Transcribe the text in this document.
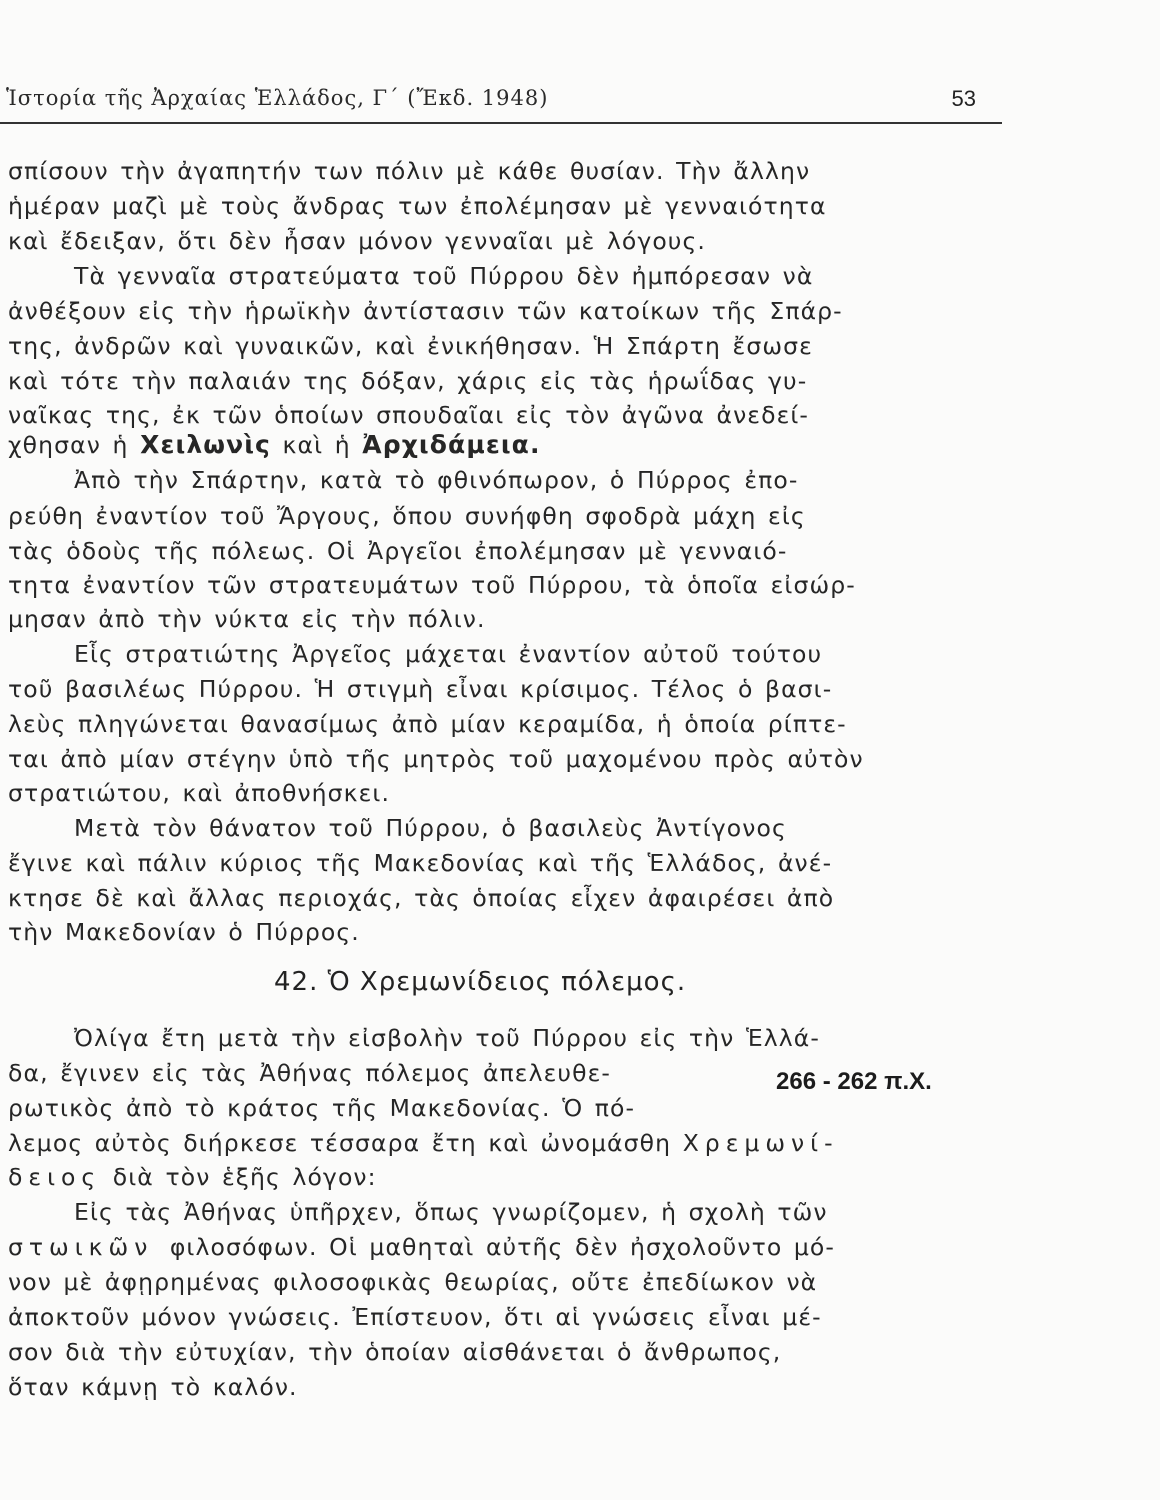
Ἱστορία τῆς Ἀρχαίας Ἑλλάδος, Γ΄ (Ἔκδ. 1948)	53
σπίσουν τὴν ἀγαπητήν των πόλιν μὲ κάθε θυσίαν. Τὴν ἄλλην
ἡμέραν μαζὶ μὲ τοὺς ἄνδρας των ἐπολέμησαν μὲ γενναιότητα
καὶ ἔδειξαν, ὅτι δὲν ἦσαν μόνον γενναῖαι μὲ λόγους.
Τὰ γενναῖα στρατεύματα τοῦ Πύρρου δὲν ἠμπόρεσαν νὰ
ἀνθέξουν εἰς τὴν ἡρωϊκὴν ἀντίστασιν τῶν κατοίκων τῆς Σπάρ-
της, ἀνδρῶν καὶ γυναικῶν, καὶ ἐνικήθησαν. Ἡ Σπάρτη ἔσωσε
καὶ τότε τὴν παλαιάν της δόξαν, χάρις εἰς τὰς ἡρωΐδας γυ-
ναῖκας της, ἐκ τῶν ὁποίων σπουδαῖαι εἰς τὸν ἀγῶνα ἀνεδεί-
χθησαν ἡ Χειλωνὶς καὶ ἡ Ἀρχιδάμεια.
Ἀπὸ τὴν Σπάρτην, κατὰ τὸ φθινόπωρον, ὁ Πύρρος ἐπο-
ρεύθη ἐναντίον τοῦ Ἄργους, ὅπου συνήφθη σφοδρὰ μάχη εἰς
τὰς ὁδοὺς τῆς πόλεως. Οἱ Ἀργεῖοι ἐπολέμησαν μὲ γενναιό-
τητα ἐναντίον τῶν στρατευμάτων τοῦ Πύρρου, τὰ ὁποῖα εἰσώρ-
μησαν ἀπὸ τὴν νύκτα εἰς τὴν πόλιν.
Εἷς στρατιώτης Ἀργεῖος μάχεται ἐναντίον αὐτοῦ τούτου
τοῦ βασιλέως Πύρρου. Ἡ στιγμὴ εἶναι κρίσιμος. Τέλος ὁ βασι-
λεὺς πληγώνεται θανασίμως ἀπὸ μίαν κεραμίδα, ἡ ὁποία ρίπτε-
ται ἀπὸ μίαν στέγην ὑπὸ τῆς μητρὸς τοῦ μαχομένου πρὸς αὐτὸν
στρατιώτου, καὶ ἀποθνήσκει.
Μετὰ τὸν θάνατον τοῦ Πύρρου, ὁ βασιλεὺς Ἀντίγονος
ἔγινε καὶ πάλιν κύριος τῆς Μακεδονίας καὶ τῆς Ἑλλάδος, ἀνέ-
κτησε δὲ καὶ ἄλλας περιοχάς, τὰς ὁποίας εἶχεν ἀφαιρέσει ἀπὸ
τὴν Μακεδονίαν ὁ Πύρρος.
42. Ὁ Χρεμωνίδειος πόλεμος.
Ὀλίγα ἔτη μετὰ τὴν εἰσβολὴν τοῦ Πύρρου εἰς τὴν Ἑλλά-
δα, ἔγινεν εἰς τὰς Ἀθήνας πόλεμος ἀπελευθε-	266 - 262 π.Χ.
ρωτικὸς ἀπὸ τὸ κράτος τῆς Μακεδονίας. Ὁ πό-
λεμος αὐτὸς διήρκεσε τέσσαρα ἔτη καὶ ὠνομάσθη Χρεμωνί-
δειος διὰ τὸν ἑξῆς λόγον:
Εἰς τὰς Ἀθήνας ὑπῆρχεν, ὅπως γνωρίζομεν, ἡ σχολὴ τῶν
στωικῶν φιλοσόφων. Οἱ μαθηταὶ αὐτῆς δὲν ἠσχολοῦντο μό-
νον μὲ ἀφῃρημένας φιλοσοφικὰς θεωρίας, οὔτε ἐπεδίωκον νὰ
ἀποκτοῦν μόνον γνώσεις. Ἐπίστευον, ὅτι αἱ γνώσεις εἶναι μέ-
σον διὰ τὴν εὐτυχίαν, τὴν ὁποίαν αἰσθάνεται ὁ ἄνθρωπος,
ὅταν κάμνῃ τὸ καλόν.
